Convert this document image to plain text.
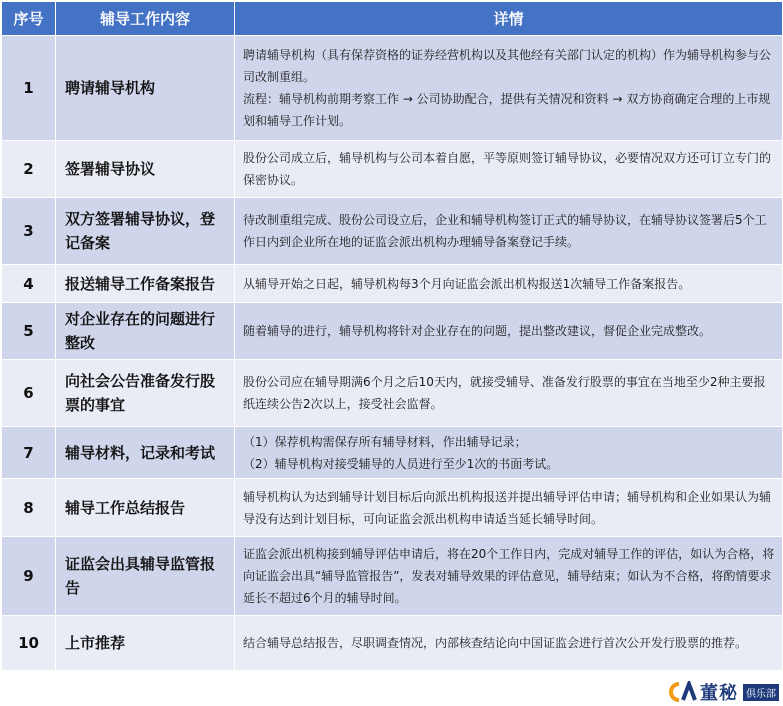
序号	辅导工作内容	详情
1	聘请辅导机构	聘请辅导机构（具有保荐资格的证券经营机构以及其他经有关部门认定的机构）作为辅导机构参与公司改制重组。

流程：辅导机构前期考察工作 → 公司协助配合，提供有关情况和资料 → 双方协商确定合理的上市规划和辅导工作计划。

2	签署辅导协议	股份公司成立后，辅导机构与公司本着自愿，平等原则签订辅导协议，必要情况双方还可订立专门的保密协议。

3	双方签署辅导协议，登记备案	待改制重组完成、股份公司设立后，企业和辅导机构签订正式的辅导协议，在辅导协议签署后5个工作日内到企业所在地的证监会派出机构办理辅导备案登记手续。

4	报送辅导工作备案报告	从辅导开始之日起，辅导机构每3个月向证监会派出机构报送1次辅导工作备案报告。

5	对企业存在的问题进行整改	随着辅导的进行，辅导机构将针对企业存在的问题，提出整改建议，督促企业完成整改。

6	向社会公告准备发行股票的事宜	股份公司应在辅导期满6个月之后10天内，就接受辅导、准备发行股票的事宜在当地至少2种主要报纸连续公告2次以上，接受社会监督。

7	辅导材料，记录和考试	（1）保荐机构需保存所有辅导材料，作出辅导记录；

（2）辅导机构对接受辅导的人员进行至少1次的书面考试。

8	辅导工作总结报告	辅导机构认为达到辅导计划目标后向派出机构报送并提出辅导评估申请；辅导机构和企业如果认为辅导没有达到计划目标，可向证监会派出机构申请适当延长辅导时间。

9	证监会出具辅导监管报告	证监会派出机构接到辅导评估申请后，将在20个工作日内，完成对辅导工作的评估，如认为合格，将向证监会出具“辅导监管报告”，发表对辅导效果的评估意见，辅导结束；如认为不合格，将酌情要求延长不超过6个月的辅导时间。

10	上市推荐	结合辅导总结报告，尽职调查情况，内部核查结论向中国证监会进行首次公开发行股票的推荐。

董秘 俱乐部
